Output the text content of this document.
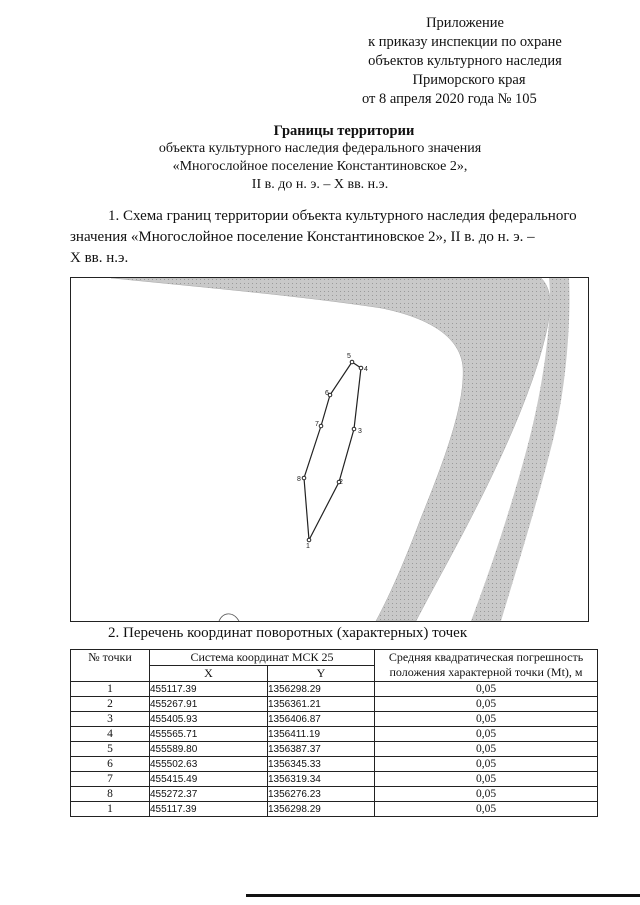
Приложение
к приказу инспекции по охране
объектов культурного наследия
Приморского края
от 8 апреля 2020 года № 105
Границы территории
объекта культурного наследия федерального значения
«Многослойное поселение Константиновское 2»,
II в. до н. э. – X вв. н.э.
1. Схема границ территории объекта культурного наследия федерального
значения «Многослойное поселение Константиновское 2», II в. до н. э. –
X вв. н.э.
1
2
3
4
5
6
7
8
2. Перечень координат поворотных (характерных) точек
№ точки	Система координат МСК 25		Средняя квадратическая погрешность положения характерной точки (Mt), м
	X	Y	
1	455117.39	1356298.29	0,05
2	455267.91	1356361.21	0,05
3	455405.93	1356406.87	0,05
4	455565.71	1356411.19	0,05
5	455589.80	1356387.37	0,05
6	455502.63	1356345.33	0,05
7	455415.49	1356319.34	0,05
8	455272.37	1356276.23	0,05
1	455117.39	1356298.29	0,05
